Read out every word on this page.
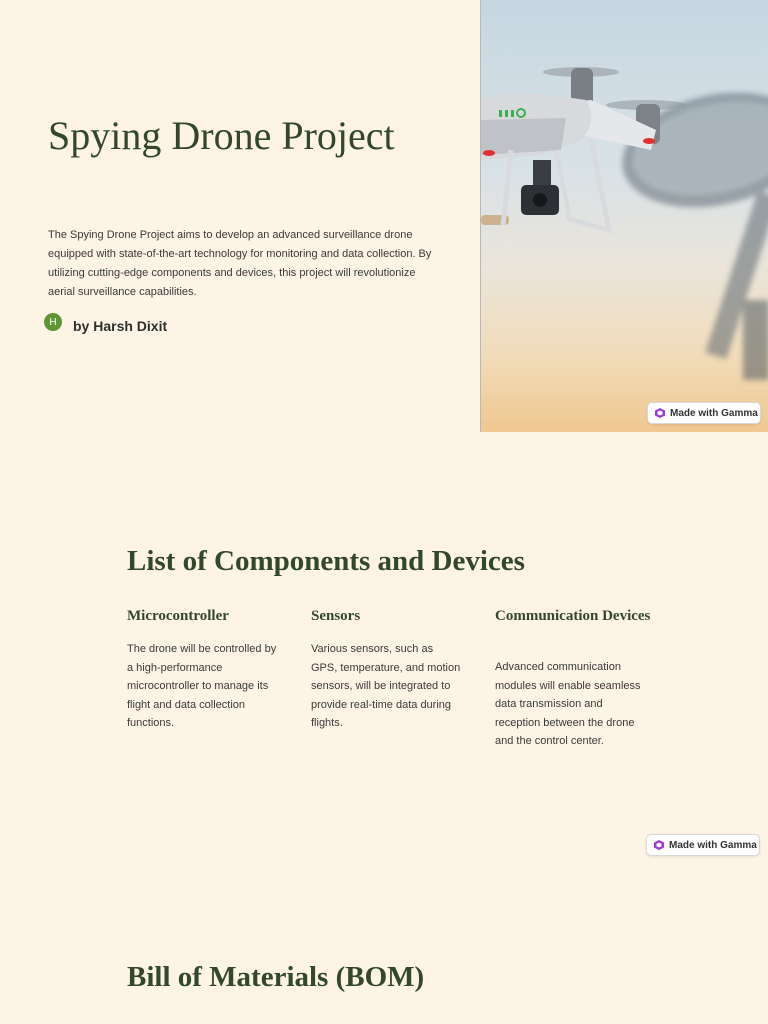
Spying Drone Project

The Spying Drone Project aims to develop an advanced surveillance drone equipped with state-of-the-art technology for monitoring and data collection. By utilizing cutting-edge components and devices, this project will revolutionize aerial surveillance capabilities.

H	by Harsh Dixit
Made with Gamma
List of Components and Devices
Microcontroller

The drone will be controlled by a high-performance microcontroller to manage its flight and data collection functions.

Sensors

Various sensors, such as GPS, temperature, and motion sensors, will be integrated to provide real-time data during flights.

Communication Devices

Advanced communication modules will enable seamless data transmission and reception between the drone and the control center.

Made with Gamma
Bill of Materials (BOM)
